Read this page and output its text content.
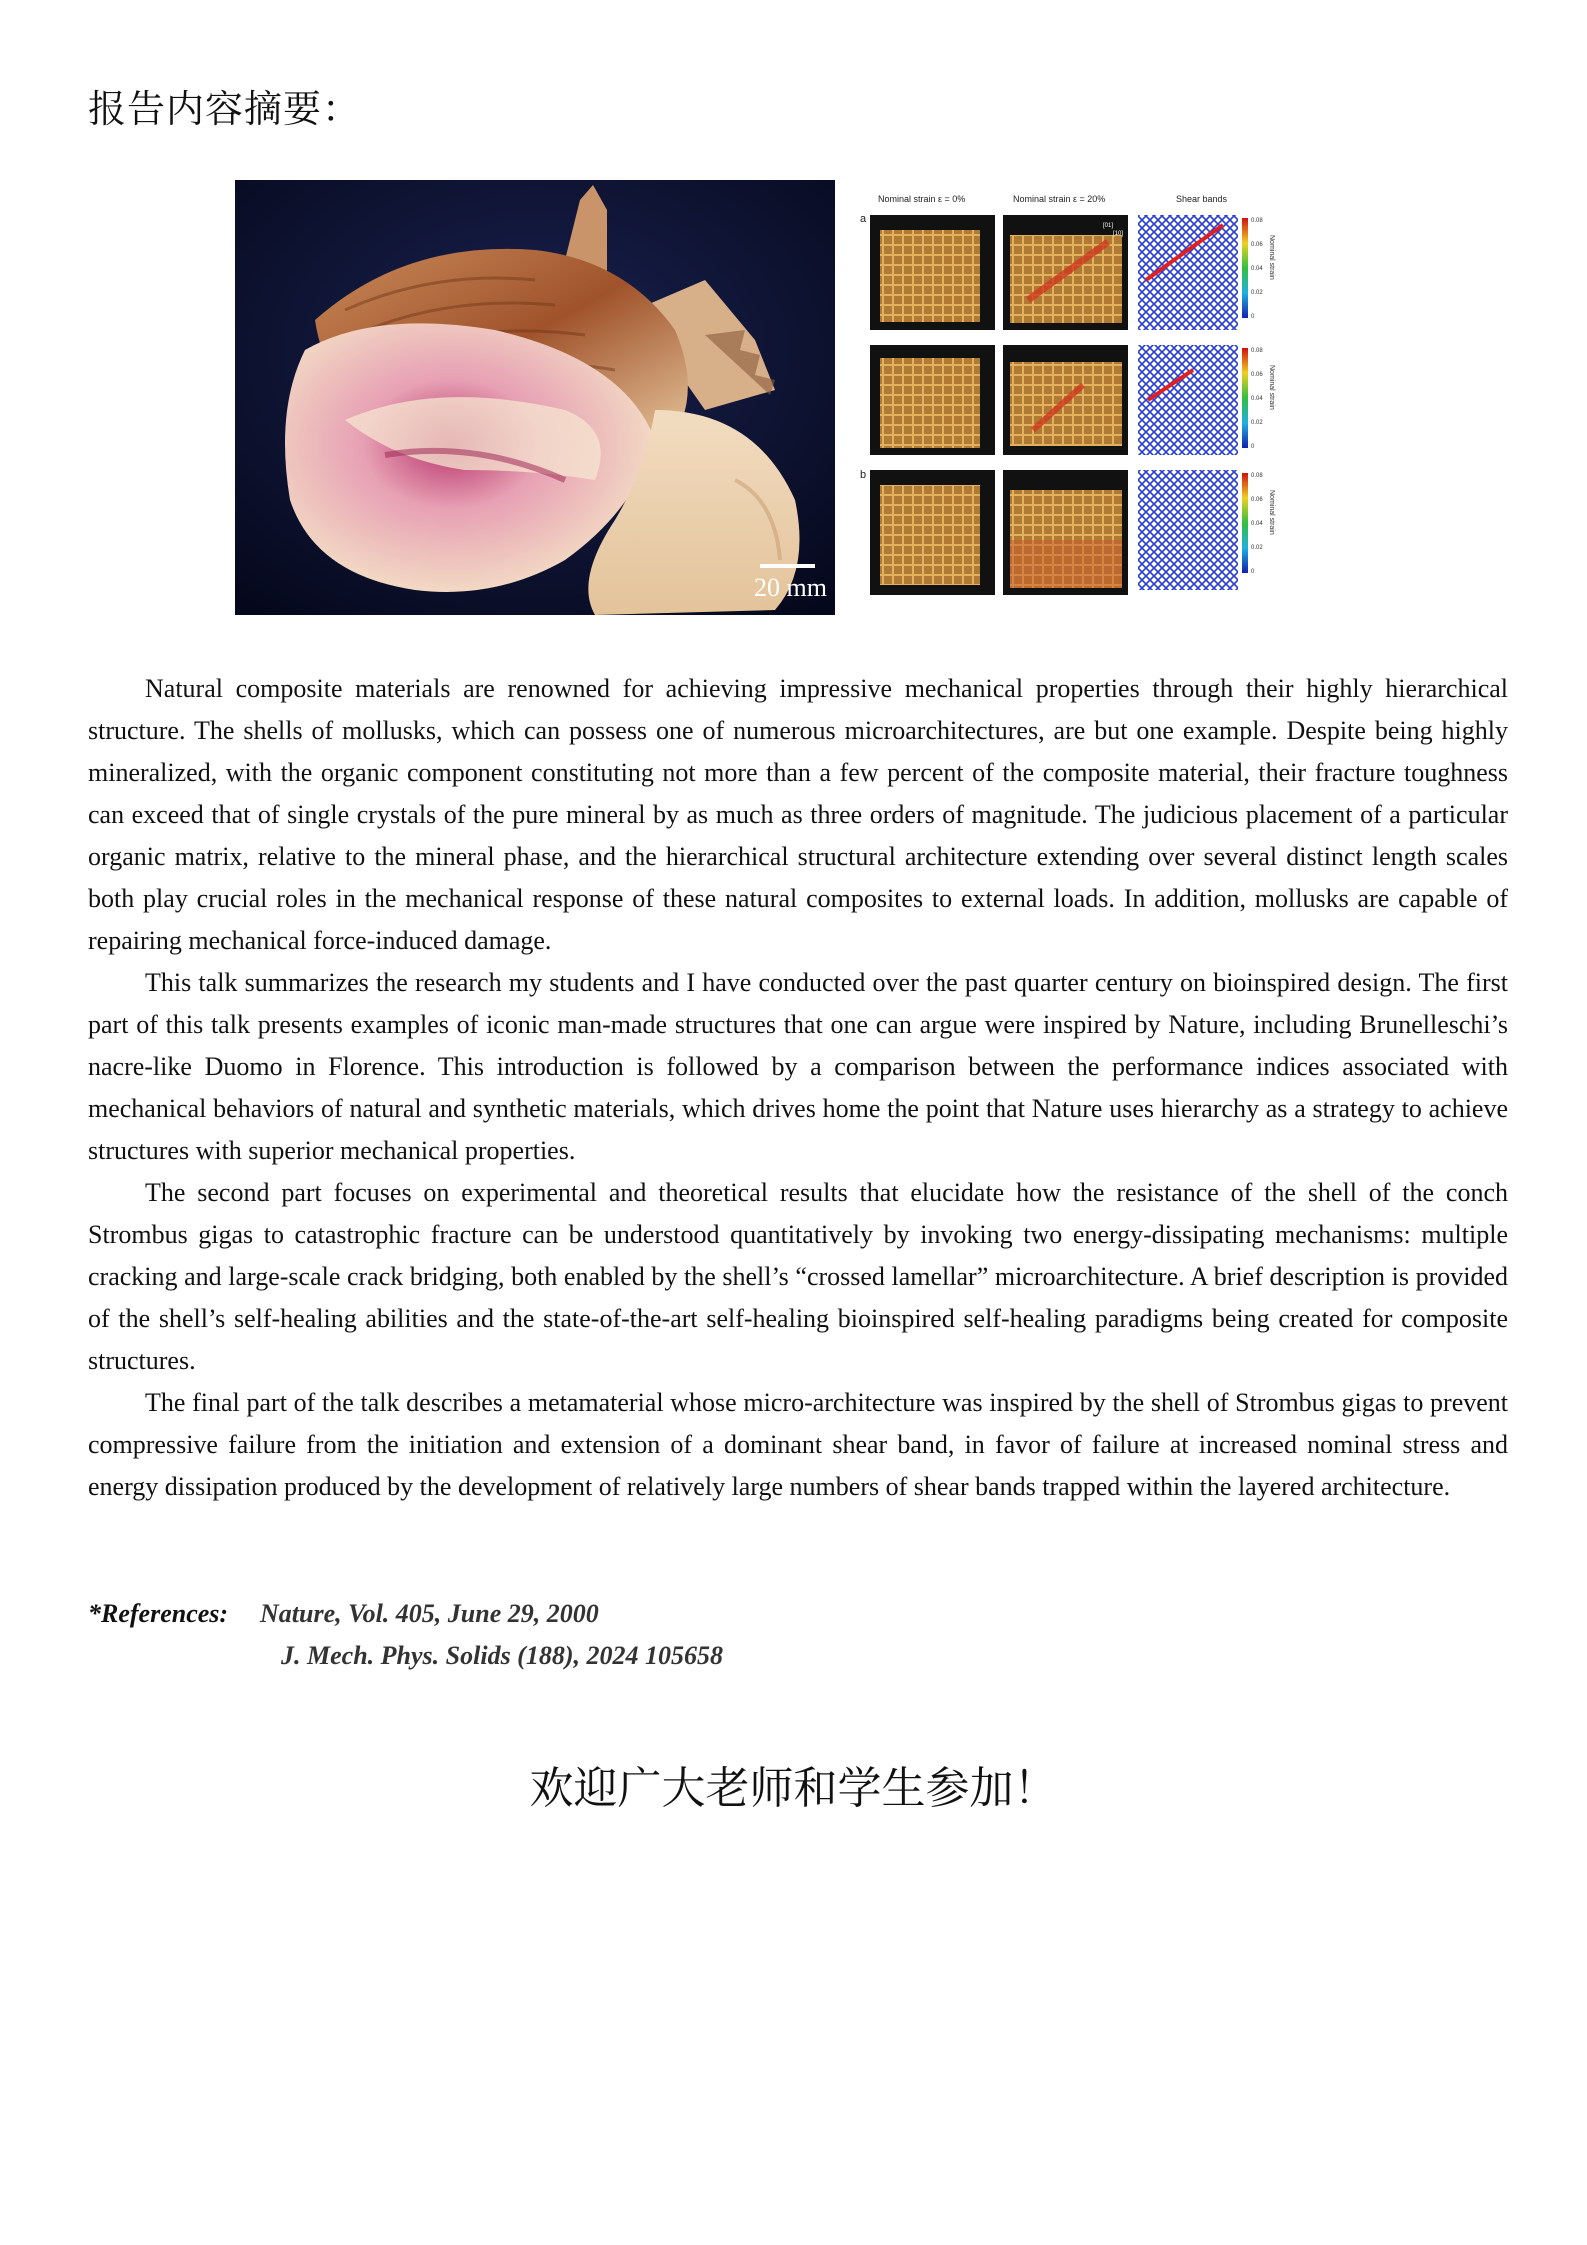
报告内容摘要：
20 mm
Nominal strain ε = 0%	Nominal strain ε = 20%	Shear bands
a
b
[01]
[10]
0.08
0.06
0.04
0.02
0
0.08
0.06
0.04
0.02
0
0.08
0.06
0.04
0.02
0
Nominal strain
Nominal strain
Nominal strain

Natural composite materials are renowned for achieving impressive mechanical properties through their highly hierarchical structure. The shells of mollusks, which can possess one of numerous microarchitectures, are but one example. Despite being highly mineralized, with the organic component constituting not more than a few percent of the composite material, their fracture toughness can exceed that of single crystals of the pure mineral by as much as three orders of magnitude. The judicious placement of a particular organic matrix, relative to the mineral phase, and the hierarchical structural architecture extending over several distinct length scales both play crucial roles in the mechanical response of these natural composites to external loads. In addition, mollusks are capable of repairing mechanical force-induced damage.

This talk summarizes the research my students and I have conducted over the past quarter century on bioinspired design. The first part of this talk presents examples of iconic man-made structures that one can argue were inspired by Nature, including Brunelleschi’s nacre-like Duomo in Florence. This introduction is followed by a comparison between the performance indices associated with mechanical behaviors of natural and synthetic materials, which drives home the point that Nature uses hierarchy as a strategy to achieve structures with superior mechanical properties.

The second part focuses on experimental and theoretical results that elucidate how the resistance of the shell of the conch Strombus gigas to catastrophic fracture can be understood quantitatively by invoking two energy-dissipating mechanisms: multiple cracking and large-scale crack bridging, both enabled by the shell’s “crossed lamellar” microarchitecture. A brief description is provided of the shell’s self-healing abilities and the state-of-the-art self-healing bioinspired self-healing paradigms being created for composite structures.

The final part of the talk describes a metamaterial whose micro-architecture was inspired by the shell of Strombus gigas to prevent compressive failure from the initiation and extension of a dominant shear band, in favor of failure at increased nominal stress and energy dissipation produced by the development of relatively large numbers of shear bands trapped within the layered architecture.

*References: Nature, Vol. 405, June 29, 2000
J. Mech. Phys. Solids (188), 2024 105658
欢迎广大老师和学生参加！
